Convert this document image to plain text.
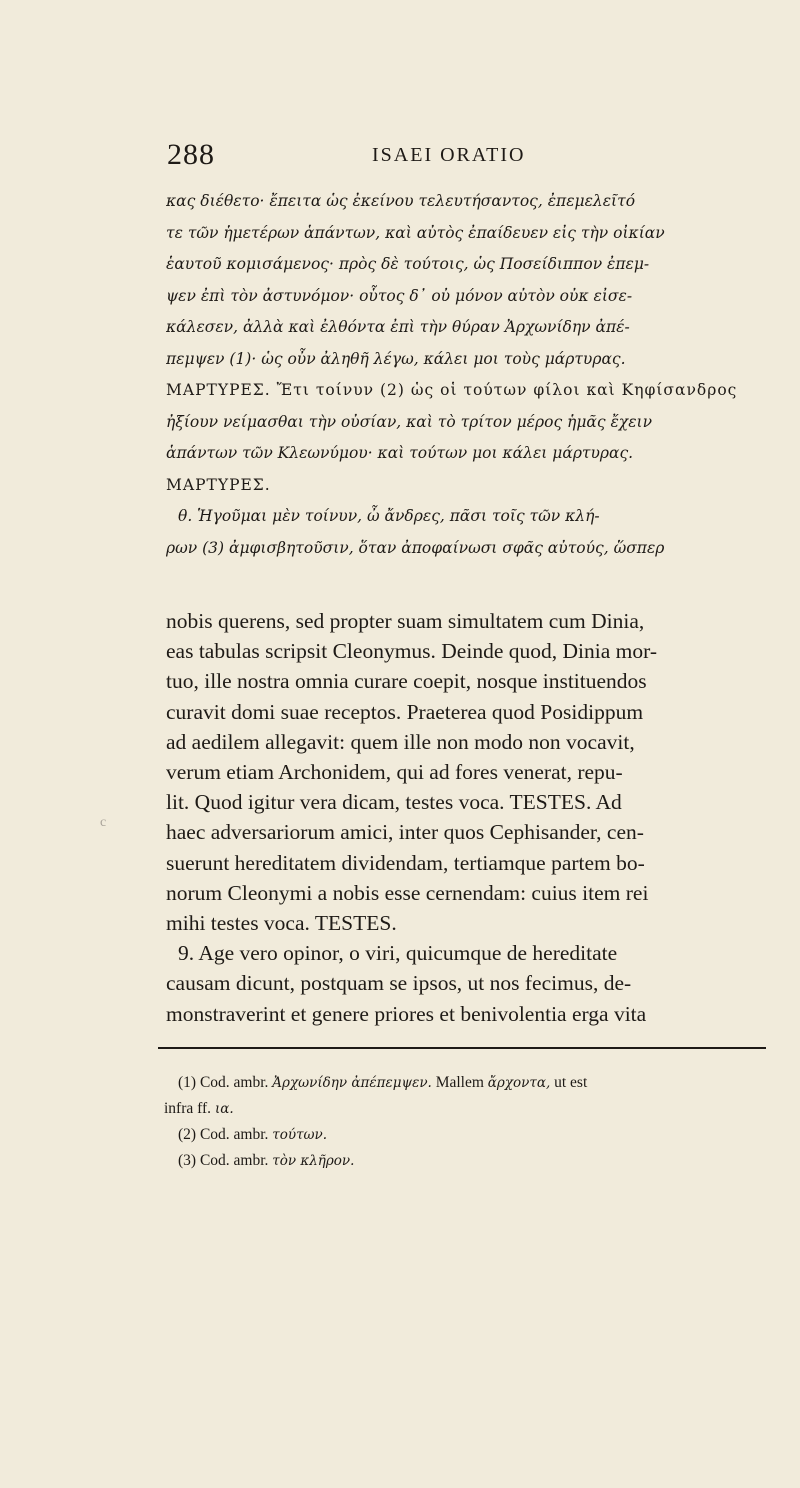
288	ISAEI ORATIO
κας διέθετο· ἔπειτα ὡς ἐκείνου τελευτήσαντος, ἐπεμελεῖτό
τε τῶν ἡμετέρων ἁπάντων, καὶ αὐτὸς ἐπαίδευεν εἰς τὴν οἰκίαν
ἑαυτοῦ κομισάμενος· πρὸς δὲ τούτοις, ὡς Ποσείδιππον ἐπεμ-
ψεν ἐπὶ τὸν ἀστυνόμον· οὗτος δ᾽ οὐ μόνον αὐτὸν οὐκ εἰσε-
κάλεσεν, ἀλλὰ καὶ ἐλθόντα ἐπὶ τὴν θύραν Ἀρχωνίδην ἀπέ-
πεμψεν (1)· ὡς οὖν ἀληθῆ λέγω, κάλει μοι τοὺς μάρτυρας.
ΜΑΡΤΥΡΕΣ. Ἔτι τοίνυν (2) ὡς οἱ τούτων φίλοι καὶ Κηφίσανδρος
ἠξίουν νείμασθαι τὴν οὐσίαν, καὶ τὸ τρίτον μέρος ἡμᾶς ἔχειν
ἁπάντων τῶν Κλεωνύμου· καὶ τούτων μοι κάλει μάρτυρας.
ΜΑΡΤΥΡΕΣ.
θ. Ἡγοῦμαι μὲν τοίνυν, ὦ ἄνδρες, πᾶσι τοῖς τῶν κλή-
ρων (3) ἀμφισβητοῦσιν, ὅταν ἀποφαίνωσι σφᾶς αὐτούς, ὥσπερ
nobis querens, sed propter suam simultatem cum Dinia,
eas tabulas scripsit Cleonymus. Deinde quod, Dinia mor-
tuo, ille nostra omnia curare coepit, nosque instituendos
curavit domi suae receptos. Praeterea quod Posidippum
ad aedilem allegavit: quem ille non modo non vocavit,
verum etiam Archonidem, qui ad fores venerat, repu-
lit. Quod igitur vera dicam, testes voca. TESTES. Ad
haec adversariorum amici, inter quos Cephisander, cen-
suerunt hereditatem dividendam, tertiamque partem bo-
norum Cleonymi a nobis esse cernendam: cuius item rei
mihi testes voca. TESTES.
9. Age vero opinor, o viri, quicumque de hereditate
causam dicunt, postquam se ipsos, ut nos fecimus, de-
monstraverint et genere priores et benivolentia erga vita
(1) Cod. ambr. Ἀρχωνίδην ἀπέπεμψεν. Mallem ἄρχοντα, ut est
infra ff. ια.
(2) Cod. ambr. τούτων.
(3) Cod. ambr. τὸν κλῆρον.
c
